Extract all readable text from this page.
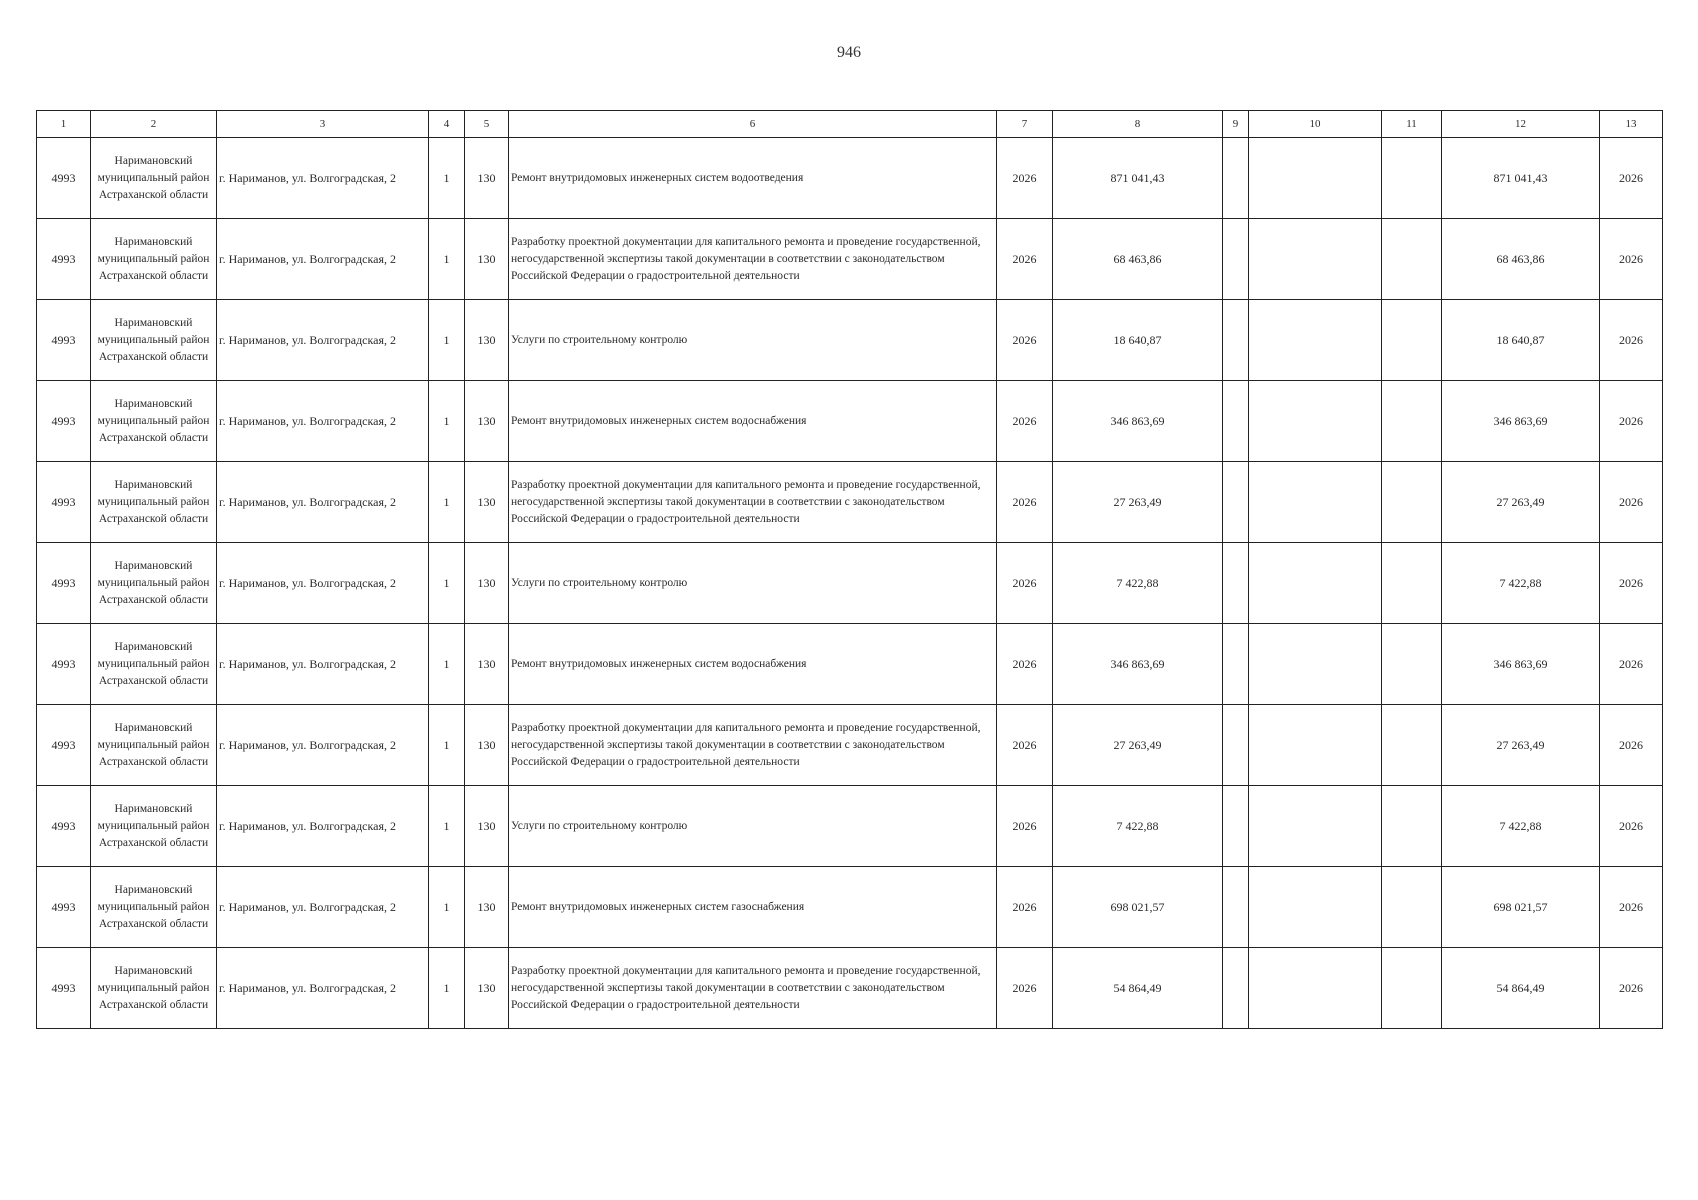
946
1	2	3	4	5	6	7	8	9	10	11	12	13
4993	Наримановский муниципальный район Астраханской области	г. Нариманов, ул. Волгоградская, 2	1	130	Ремонт внутридомовых инженерных систем водоотведения	2026	871 041,43				871 041,43	2026
4993	Наримановский муниципальный район Астраханской области	г. Нариманов, ул. Волгоградская, 2	1	130	Разработку проектной документации для капитального ремонта и проведение государственной, негосударственной экспертизы такой документации в соответствии с законодательством Российской Федерации о градостроительной деятельности	2026	68 463,86				68 463,86	2026
4993	Наримановский муниципальный район Астраханской области	г. Нариманов, ул. Волгоградская, 2	1	130	Услуги по строительному контролю	2026	18 640,87				18 640,87	2026
4993	Наримановский муниципальный район Астраханской области	г. Нариманов, ул. Волгоградская, 2	1	130	Ремонт внутридомовых инженерных систем водоснабжения	2026	346 863,69				346 863,69	2026
4993	Наримановский муниципальный район Астраханской области	г. Нариманов, ул. Волгоградская, 2	1	130	Разработку проектной документации для капитального ремонта и проведение государственной, негосударственной экспертизы такой документации в соответствии с законодательством Российской Федерации о градостроительной деятельности	2026	27 263,49				27 263,49	2026
4993	Наримановский муниципальный район Астраханской области	г. Нариманов, ул. Волгоградская, 2	1	130	Услуги по строительному контролю	2026	7 422,88				7 422,88	2026
4993	Наримановский муниципальный район Астраханской области	г. Нариманов, ул. Волгоградская, 2	1	130	Ремонт внутридомовых инженерных систем водоснабжения	2026	346 863,69				346 863,69	2026
4993	Наримановский муниципальный район Астраханской области	г. Нариманов, ул. Волгоградская, 2	1	130	Разработку проектной документации для капитального ремонта и проведение государственной, негосударственной экспертизы такой документации в соответствии с законодательством Российской Федерации о градостроительной деятельности	2026	27 263,49				27 263,49	2026
4993	Наримановский муниципальный район Астраханской области	г. Нариманов, ул. Волгоградская, 2	1	130	Услуги по строительному контролю	2026	7 422,88				7 422,88	2026
4993	Наримановский муниципальный район Астраханской области	г. Нариманов, ул. Волгоградская, 2	1	130	Ремонт внутридомовых инженерных систем газоснабжения	2026	698 021,57				698 021,57	2026
4993	Наримановский муниципальный район Астраханской области	г. Нариманов, ул. Волгоградская, 2	1	130	Разработку проектной документации для капитального ремонта и проведение государственной, негосударственной экспертизы такой документации в соответствии с законодательством Российской Федерации о градостроительной деятельности	2026	54 864,49				54 864,49	2026
